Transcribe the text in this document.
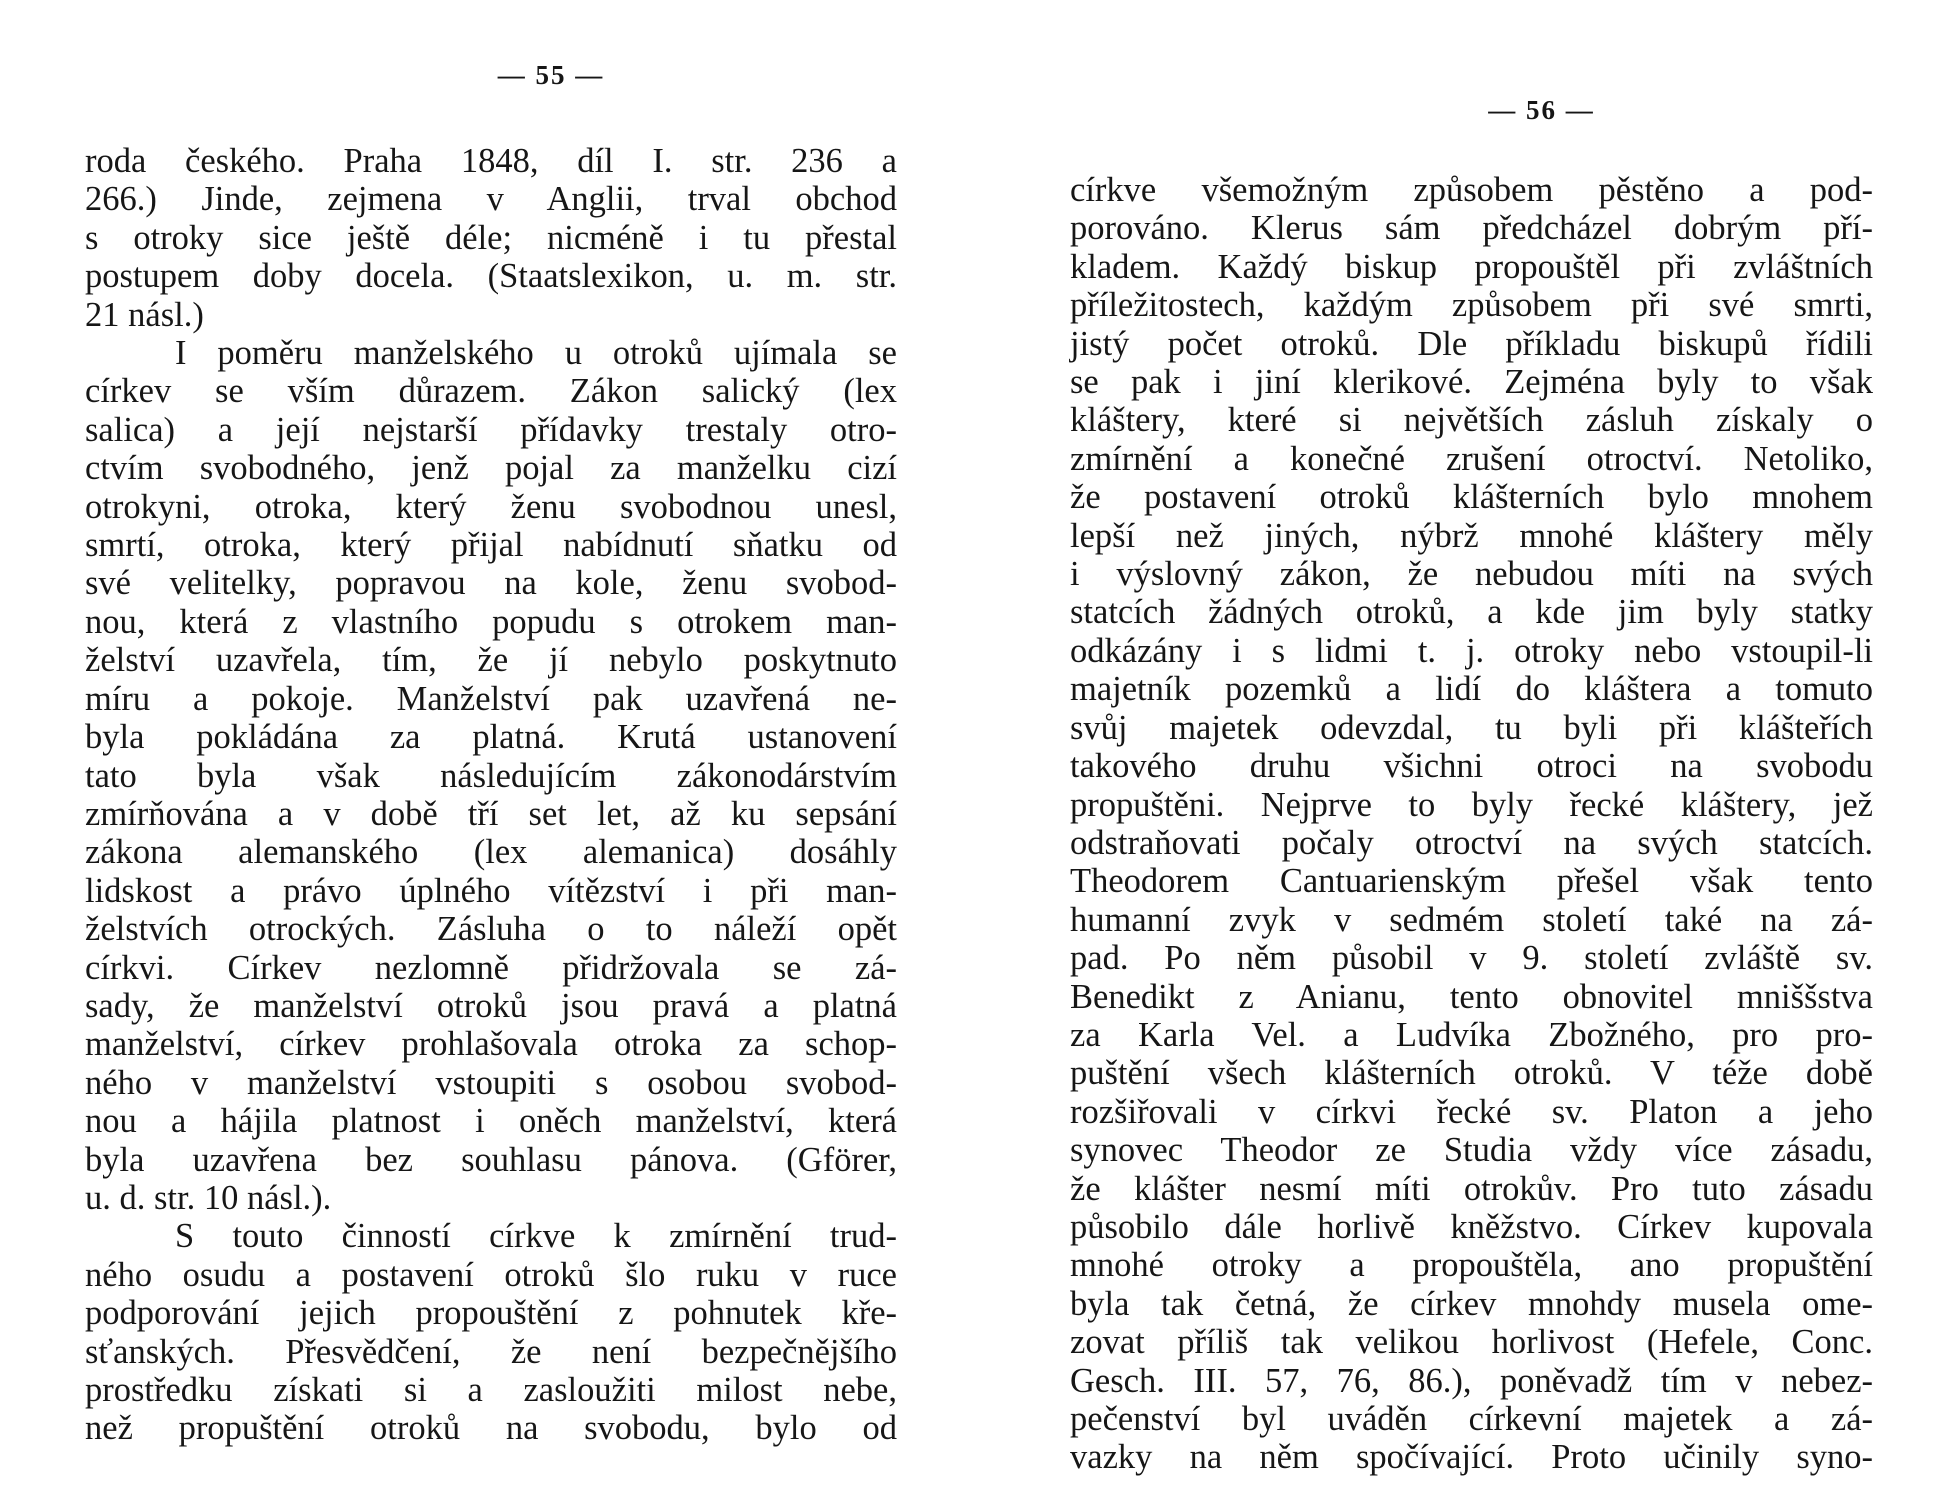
— 55 —
roda českého. Praha 1848, díl I. str. 236 a
266.) Jinde, zejmena v Anglii, trval obchod
s otroky sice ještě déle; nicméně i tu přestal
postupem doby docela. (Staatslexikon, u. m. str.
21 násl.)
I poměru manželského u otroků ujímala se
církev se vším důrazem. Zákon salický (lex
salica) a její nejstarší přídavky trestaly otro-
ctvím svobodného, jenž pojal za manželku cizí
otrokyni, otroka, který ženu svobodnou unesl,
smrtí, otroka, který přijal nabídnutí sňatku od
své velitelky, popravou na kole, ženu svobod-
nou, která z vlastního popudu s otrokem man-
želství uzavřela, tím, že jí nebylo poskytnuto
míru a pokoje. Manželství pak uzavřená ne-
byla pokládána za platná. Krutá ustanovení
tato byla však následujícím zákonodárstvím
zmírňována a v době tří set let, až ku sepsání
zákona alemanského (lex alemanica) dosáhly
lidskost a právo úplného vítězství i při man-
želstvích otrockých. Zásluha o to náleží opět
církvi. Církev nezlomně přidržovala se zá-
sady, že manželství otroků jsou pravá a platná
manželství, církev prohlašovala otroka za schop-
ného v manželství vstoupiti s osobou svobod-
nou a hájila platnost i oněch manželství, která
byla uzavřena bez souhlasu pánova. (Gförer,
u. d. str. 10 násl.).
S touto činností církve k zmírnění trud-
ného osudu a postavení otroků šlo ruku v ruce
podporování jejich propouštění z pohnutek kře-
sťanských. Přesvědčení, že není bezpečnějšího
prostředku získati si a zasloužiti milost nebe,
než propuštění otroků na svobodu, bylo od
— 56 —
církve všemožným způsobem pěstěno a pod-
porováno. Klerus sám předcházel dobrým pří-
kladem. Každý biskup propouštěl při zvláštních
příležitostech, každým způsobem při své smrti,
jistý počet otroků. Dle příkladu biskupů řídili
se pak i jiní klerikové. Zejména byly to však
kláštery, které si největších zásluh získaly o
zmírnění a konečné zrušení otroctví. Netoliko,
že postavení otroků klášterních bylo mnohem
lepší než jiných, nýbrž mnohé kláštery měly
i výslovný zákon, že nebudou míti na svých
statcích žádných otroků, a kde jim byly statky
odkázány i s lidmi t. j. otroky nebo vstoupil-li
majetník pozemků a lidí do kláštera a tomuto
svůj majetek odevzdal, tu byli při klášteřích
takového druhu všichni otroci na svobodu
propuštěni. Nejprve to byly řecké kláštery, jež
odstraňovati počaly otroctví na svých statcích.
Theodorem Cantuarienským přešel však tento
humanní zvyk v sedmém století také na zá-
pad. Po něm působil v 9. století zvláště sv.
Benedikt z Anianu, tento obnovitel mniššstva
za Karla Vel. a Ludvíka Zbožného, pro pro-
puštění všech klášterních otroků. V téže době
rozšiřovali v církvi řecké sv. Platon a jeho
synovec Theodor ze Studia vždy více zásadu,
že klášter nesmí míti otrokův. Pro tuto zásadu
působilo dále horlivě kněžstvo. Církev kupovala
mnohé otroky a propouštěla, ano propuštění
byla tak četná, že církev mnohdy musela ome-
zovat příliš tak velikou horlivost (Hefele, Conc.
Gesch. III. 57, 76, 86.), poněvadž tím v nebez-
pečenství byl uváděn církevní majetek a zá-
vazky na něm spočívající. Proto učinily syno-
